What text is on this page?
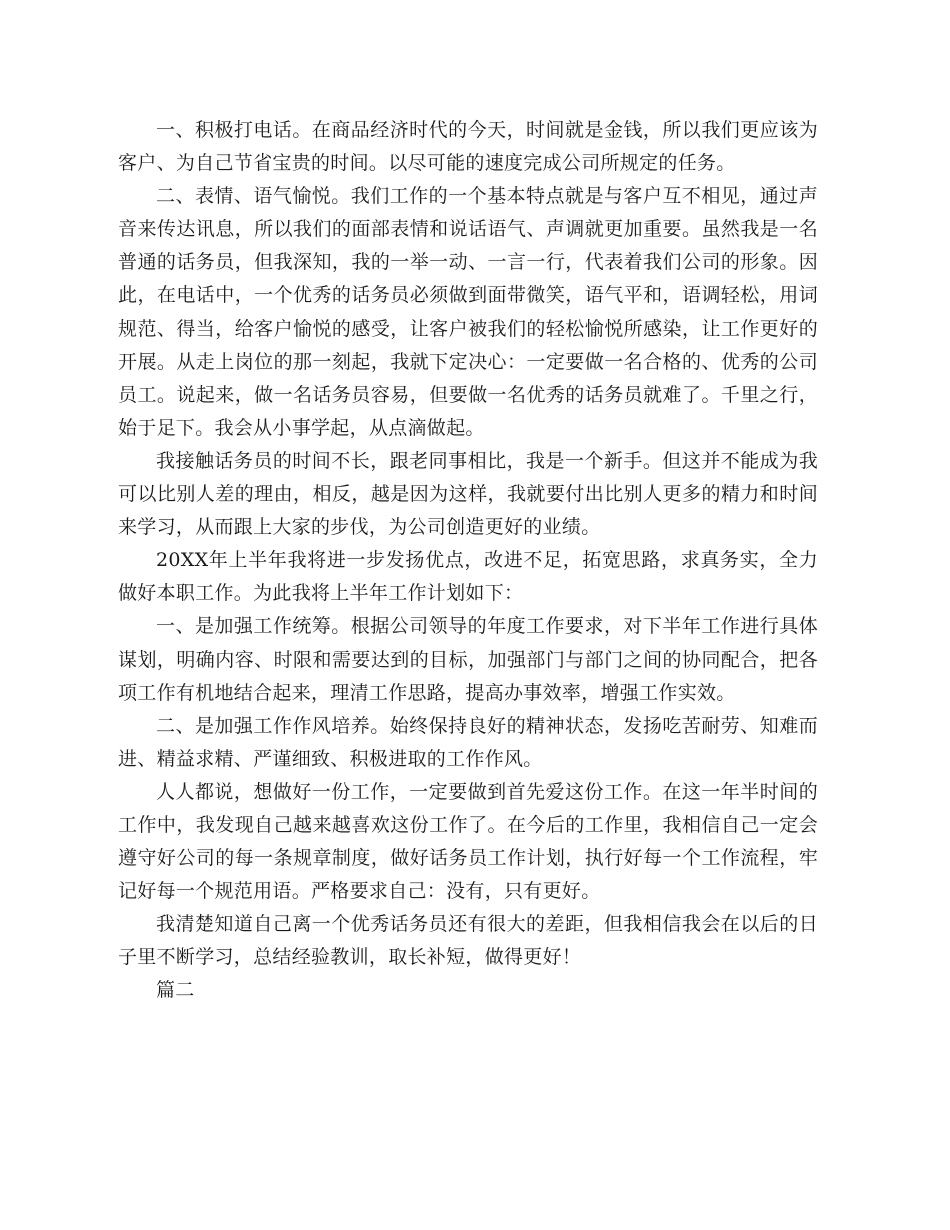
一、积极打电话。在商品经济时代的今天，时间就是金钱，所以我们更应该为客户、为自己节省宝贵的时间。以尽可能的速度完成公司所规定的任务。

二、表情、语气愉悦。我们工作的一个基本特点就是与客户互不相见，通过声音来传达讯息，所以我们的面部表情和说话语气、声调就更加重要。虽然我是一名普通的话务员，但我深知，我的一举一动、一言一行，代表着我们公司的形象。因此，在电话中，一个优秀的话务员必须做到面带微笑，语气平和，语调轻松，用词规范、得当，给客户愉悦的感受，让客户被我们的轻松愉悦所感染，让工作更好的开展。从走上岗位的那一刻起，我就下定决心：一定要做一名合格的、优秀的公司员工。说起来，做一名话务员容易，但要做一名优秀的话务员就难了。千里之行，始于足下。我会从小事学起，从点滴做起。

我接触话务员的时间不长，跟老同事相比，我是一个新手。但这并不能成为我可以比别人差的理由，相反，越是因为这样，我就要付出比别人更多的精力和时间来学习，从而跟上大家的步伐，为公司创造更好的业绩。

20XX年上半年我将进一步发扬优点，改进不足，拓宽思路，求真务实，全力做好本职工作。为此我将上半年工作计划如下：

一、是加强工作统筹。根据公司领导的年度工作要求，对下半年工作进行具体谋划，明确内容、时限和需要达到的目标，加强部门与部门之间的协同配合，把各项工作有机地结合起来，理清工作思路，提高办事效率，增强工作实效。

二、是加强工作作风培养。始终保持良好的精神状态，发扬吃苦耐劳、知难而进、精益求精、严谨细致、积极进取的工作作风。

人人都说，想做好一份工作，一定要做到首先爱这份工作。在这一年半时间的工作中，我发现自己越来越喜欢这份工作了。在今后的工作里，我相信自己一定会遵守好公司的每一条规章制度，做好话务员工作计划，执行好每一个工作流程，牢记好每一个规范用语。严格要求自己：没有，只有更好。

我清楚知道自己离一个优秀话务员还有很大的差距，但我相信我会在以后的日子里不断学习，总结经验教训，取长补短，做得更好！

篇二
